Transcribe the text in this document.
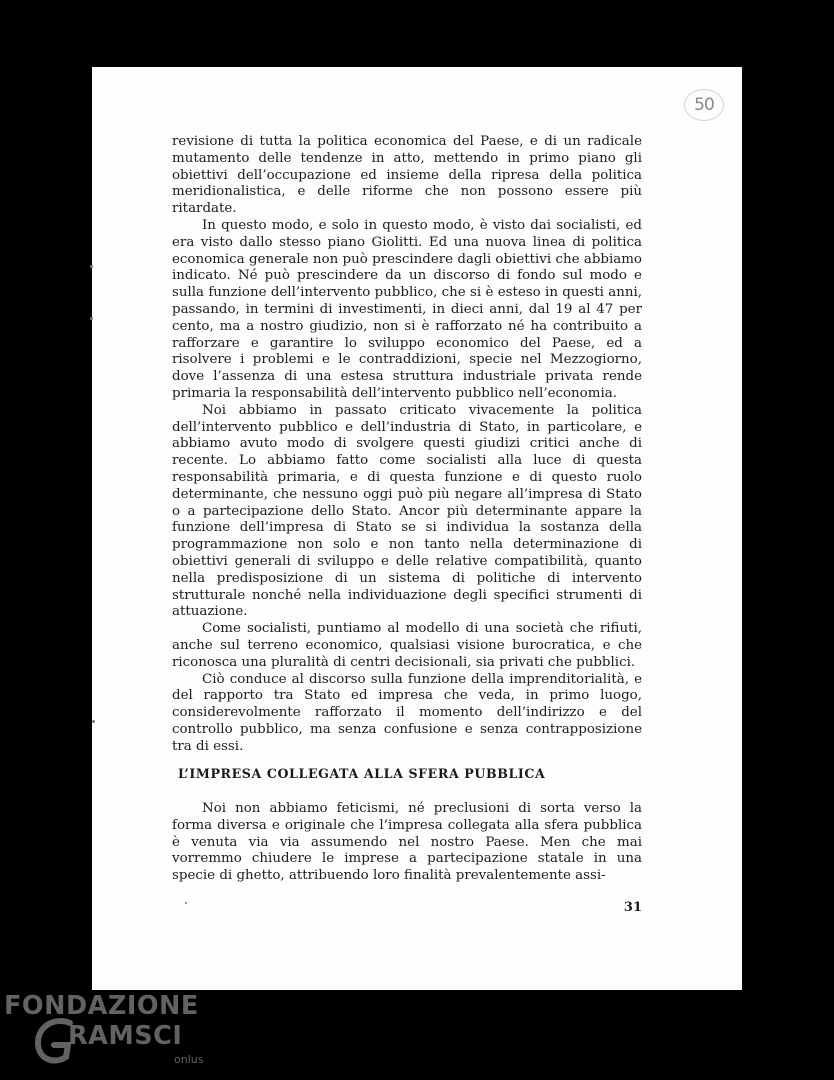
50

revisione di tutta la politica economica del Paese, e di un radicale mutamento delle tendenze in atto, mettendo in primo piano gli obiettivi dell’occupazione ed insieme della ripresa della politica meridionalistica, e delle riforme che non possono essere più ritardate.

In questo modo, e solo in questo modo, è visto dai socialisti, ed era visto dallo stesso piano Giolitti. Ed una nuova linea di politica economica generale non può prescindere dagli obiettivi che abbiamo indicato. Né può prescindere da un discorso di fondo sul modo e sulla funzione dell’intervento pubblico, che si è esteso in questi anni, passando, in termini di investimenti, in dieci anni, dal 19 al 47 per cento, ma a nostro giudizio, non si è rafforzato né ha contribuito a rafforzare e garantire lo sviluppo economico del Paese, ed a risolvere i problemi e le contraddizioni, specie nel Mezzogiorno, dove l’assenza di una estesa struttura industriale privata rende primaria la responsabilità dell’intervento pubblico nell’economia.

Noi abbiamo in passato criticato vivacemente la politica dell’intervento pubblico e dell’industria di Stato, in particolare, e abbiamo avuto modo di svolgere questi giudizi critici anche di recente. Lo abbiamo fatto come socialisti alla luce di questa responsabilità primaria, e di questa funzione e di questo ruolo determinante, che nessuno oggi può più negare all’impresa di Stato o a partecipazione dello Stato. Ancor più determinante appare la funzione dell’impresa di Stato se si individua la sostanza della programmazione non solo e non tanto nella determinazione di obiettivi generali di sviluppo e delle relative compatibilità, quanto nella predisposizione di un sistema di politiche di intervento strutturale nonché nella individuazione degli specifici strumenti di attuazione.

Come socialisti, puntiamo al modello di una società che rifiuti, anche sul terreno economico, qualsiasi visione burocratica, e che riconosca una pluralità di centri decisionali, sia privati che pubblici.

Ciò conduce al discorso sulla funzione della imprenditorialità, e del rapporto tra Stato ed impresa che veda, in primo luogo, considerevolmente rafforzato il momento dell’indirizzo e del controllo pubblico, ma senza confusione e senza contrapposizione tra di essi.

L’IMPRESA COLLEGATA ALLA SFERA PUBBLICA

Noi non abbiamo feticismi, né preclusioni di sorta verso la forma diversa e originale che l’impresa collegata alla sfera pubblica è venuta via via assumendo nel nostro Paese. Men che mai vorremmo chiudere le imprese a partecipazione statale in una specie di ghetto, attribuendo loro finalità prevalentemente assi-

31
FONDAZIONE
RAMSCI
onlus
